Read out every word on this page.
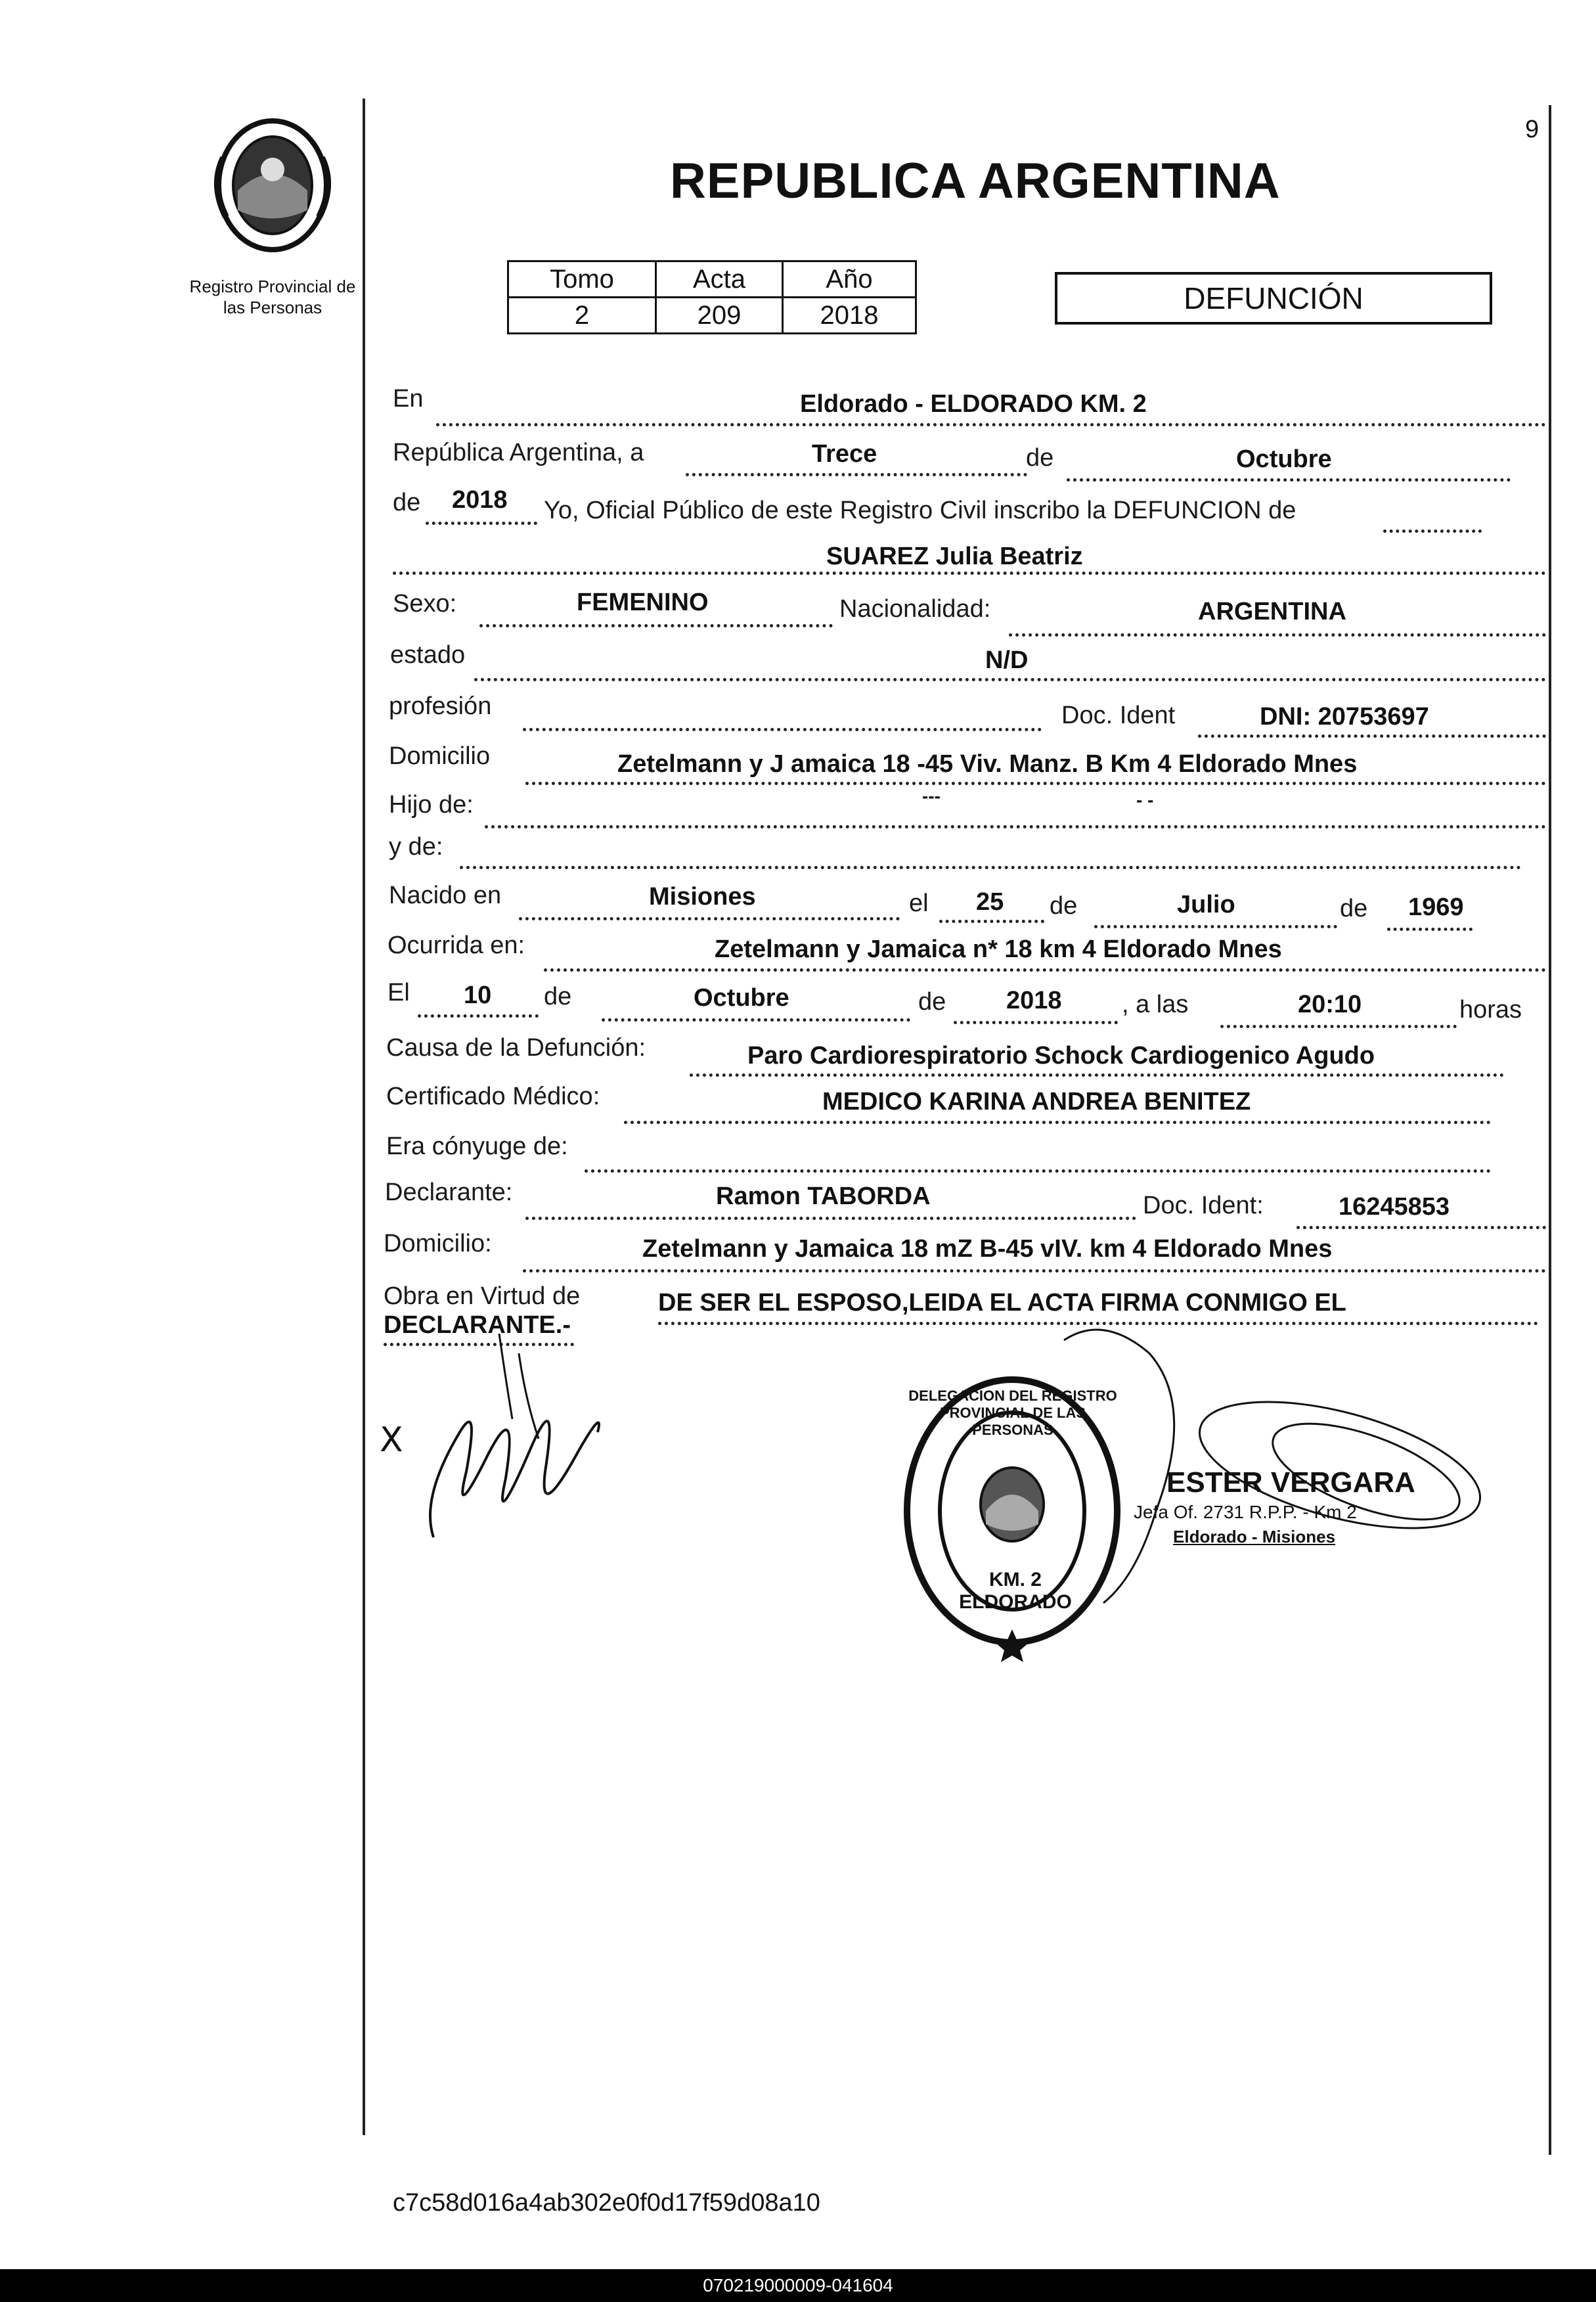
9
Registro Provincial de
las Personas
REPUBLICA ARGENTINA
Tomo	Acta	Año
2	209	2018	DEFUNCIÓN
En	Eldorado - ELDORADO KM. 2
República Argentina, a	Trece	de	Octubre
de 2018 Yo, Oficial Público de este Registro Civil inscribo la DEFUNCION de
SUAREZ Julia Beatriz
Sexo:	FEMENINO	Nacionalidad:	ARGENTINA
estado	N/D
profesión	Doc. Ident	DNI: 20753697
Domicilio	Zetelmann y J amaica 18 -45 Viv. Manz. B Km 4 Eldorado Mnes
Hijo de:	---	- -
y de:
Nacido en	Misiones	el 25 de	Julio	de 1969
Ocurrida en:	Zetelmann y Jamaica n* 18 km 4 Eldorado Mnes
El 10 de	Octubre	de 2018 , a las	20:10	horas
Causa de la Defunción:	Paro Cardiorespiratorio Schock Cardiogenico Agudo
Certificado Médico:	MEDICO KARINA ANDREA BENITEZ
Era cónyuge de:
Declarante:	Ramon TABORDA	Doc. Ident:	16245853
Domicilio:	Zetelmann y Jamaica 18 mZ B-45 vIV. km 4 Eldorado Mnes
Obra en Virtud de	DE SER EL ESPOSO,LEIDA EL ACTA FIRMA CONMIGO EL
DECLARANTE.-
X
DELEGACION DEL REGISTRO PROVINCIAL DE LAS PERSONAS
KM. 2 ELDORADO
ESTER VERGARA
Jefa Of. 2731 R.P.P. - Km 2
Eldorado - Misiones
c7c58d016a4ab302e0f0d17f59d08a10
070219000009-041604
